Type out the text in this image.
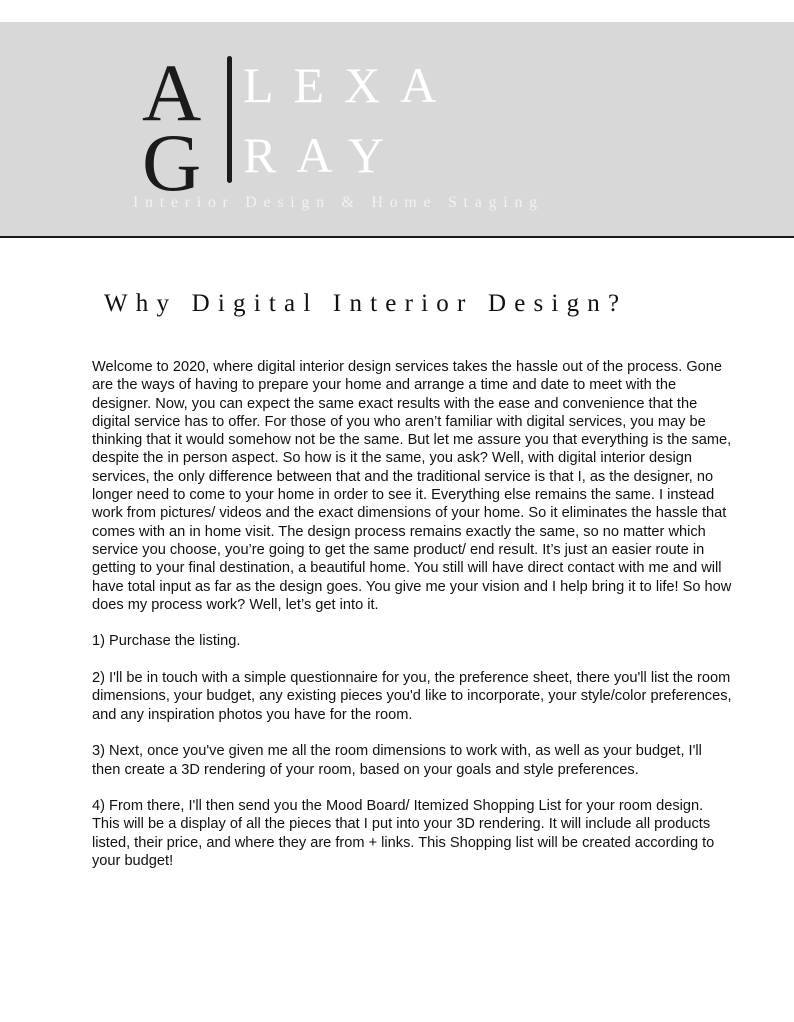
A
G
LEXA
RAY
Interior Design & Home Staging
Why Digital Interior Design?

Welcome to 2020, where digital interior design services takes the hassle out of the process. Gone are the ways of having to prepare your home and arrange a time and date to meet with the designer. Now, you can expect the same exact results with the ease and convenience that the digital service has to offer. For those of you who aren’t familiar with digital services, you may be thinking that it would somehow not be the same. But let me assure you that everything is the same, despite the in person aspect. So how is it the same, you ask? Well, with digital interior design services, the only difference between that and the traditional service is that I, as the designer, no longer need to come to your home in order to see it. Everything else remains the same. I instead work from pictures/ videos and the exact dimensions of your home. So it eliminates the hassle that comes with an in home visit. The design process remains exactly the same, so no matter which service you choose, you’re going to get the same product/ end result. It’s just an easier route in getting to your final destination, a beautiful home. You still will have direct contact with me and will have total input as far as the design goes. You give me your vision and I help bring it to life! So how does my process work? Well, let’s get into it.

1) Purchase the listing.

2) I'll be in touch with a simple questionnaire for you, the preference sheet, there you'll list the room dimensions, your budget, any existing pieces you'd like to incorporate, your style/color preferences, and any inspiration photos you have for the room.

3) Next, once you've given me all the room dimensions to work with, as well as your budget, I'll then create a 3D rendering of your room, based on your goals and style preferences.

4) From there, I'll then send you the Mood Board/ Itemized Shopping List for your room design. This will be a display of all the pieces that I put into your 3D rendering. It will include all products listed, their price, and where they are from + links. This Shopping list will be created according to your budget!
